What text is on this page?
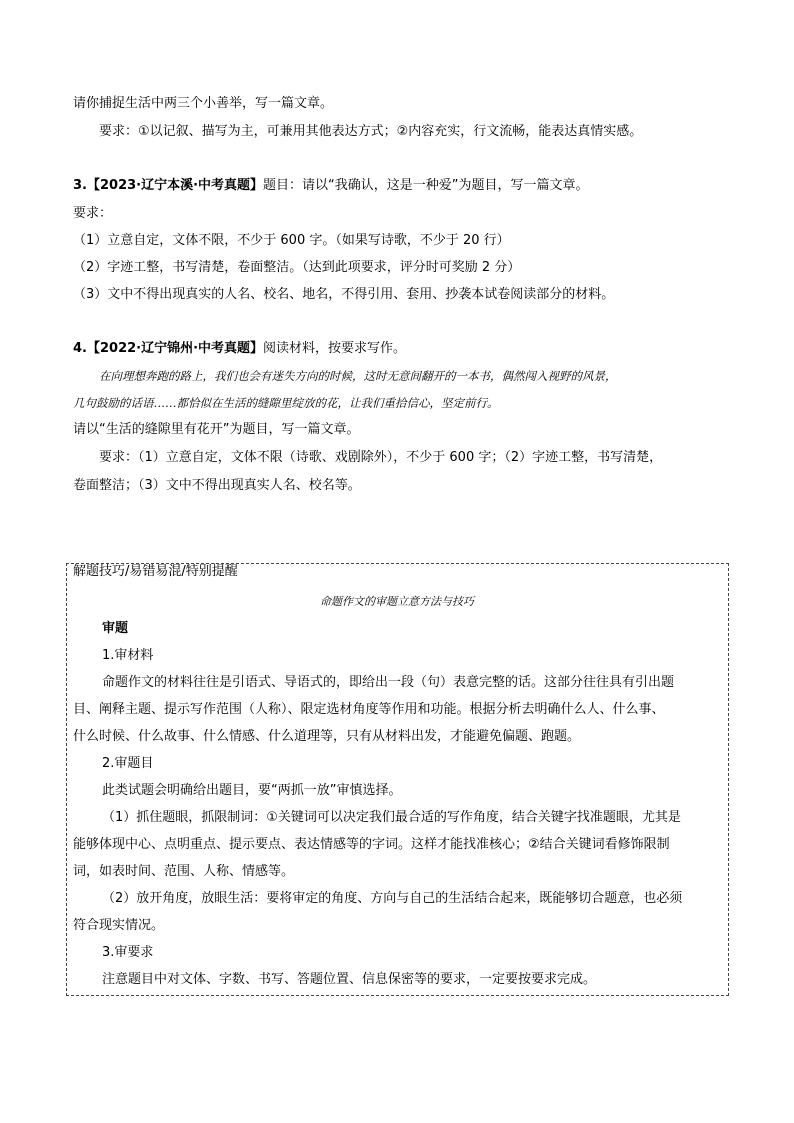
请你捕捉生活中两三个小善举，写一篇文章。
要求：①以记叙、描写为主，可兼用其他表达方式；②内容充实，行文流畅，能表达真情实感。
3.【2023·辽宁本溪·中考真题】题目：请以“我确认，这是一种爱”为题目，写一篇文章。
要求：
（1）立意自定，文体不限，不少于 600 字。（如果写诗歌，不少于 20 行）
（2）字迹工整，书写清楚，卷面整洁。（达到此项要求，评分时可奖励 2 分）
（3）文中不得出现真实的人名、校名、地名，不得引用、套用、抄袭本试卷阅读部分的材料。
4.【2022·辽宁锦州·中考真题】阅读材料，按要求写作。
在向理想奔跑的路上，我们也会有迷失方向的时候，这时无意间翻开的一本书，偶然闯入视野的风景，
几句鼓励的话语……都恰似在生活的缝隙里绽放的花，让我们重拾信心，坚定前行。
请以“生活的缝隙里有花开”为题目，写一篇文章。
要求：（1）立意自定，文体不限（诗歌、戏剧除外），不少于 600 字；（2）字迹工整，书写清楚，
卷面整洁；（3）文中不得出现真实人名、校名等。
解题技巧/易错易混/特别提醒
命题作文的审题立意方法与技巧
审题
1.审材料
命题作文的材料往往是引语式、导语式的，即给出一段（句）表意完整的话。这部分往往具有引出题
目、阐释主题、提示写作范围（人称）、限定选材角度等作用和功能。根据分析去明确什么人、什么事、
什么时候、什么故事、什么情感、什么道理等，只有从材料出发，才能避免偏题、跑题。
2.审题目
此类试题会明确给出题目，要“两抓一放”审慎选择。
（1）抓住题眼，抓限制词：①关键词可以决定我们最合适的写作角度，结合关键字找准题眼，尤其是
能够体现中心、点明重点、提示要点、表达情感等的字词。这样才能找准核心；②结合关键词看修饰限制
词，如表时间、范围、人称、情感等。
（2）放开角度，放眼生活：要将审定的角度、方向与自己的生活结合起来，既能够切合题意，也必须
符合现实情况。
3.审要求
注意题目中对文体、字数、书写、答题位置、信息保密等的要求，一定要按要求完成。
